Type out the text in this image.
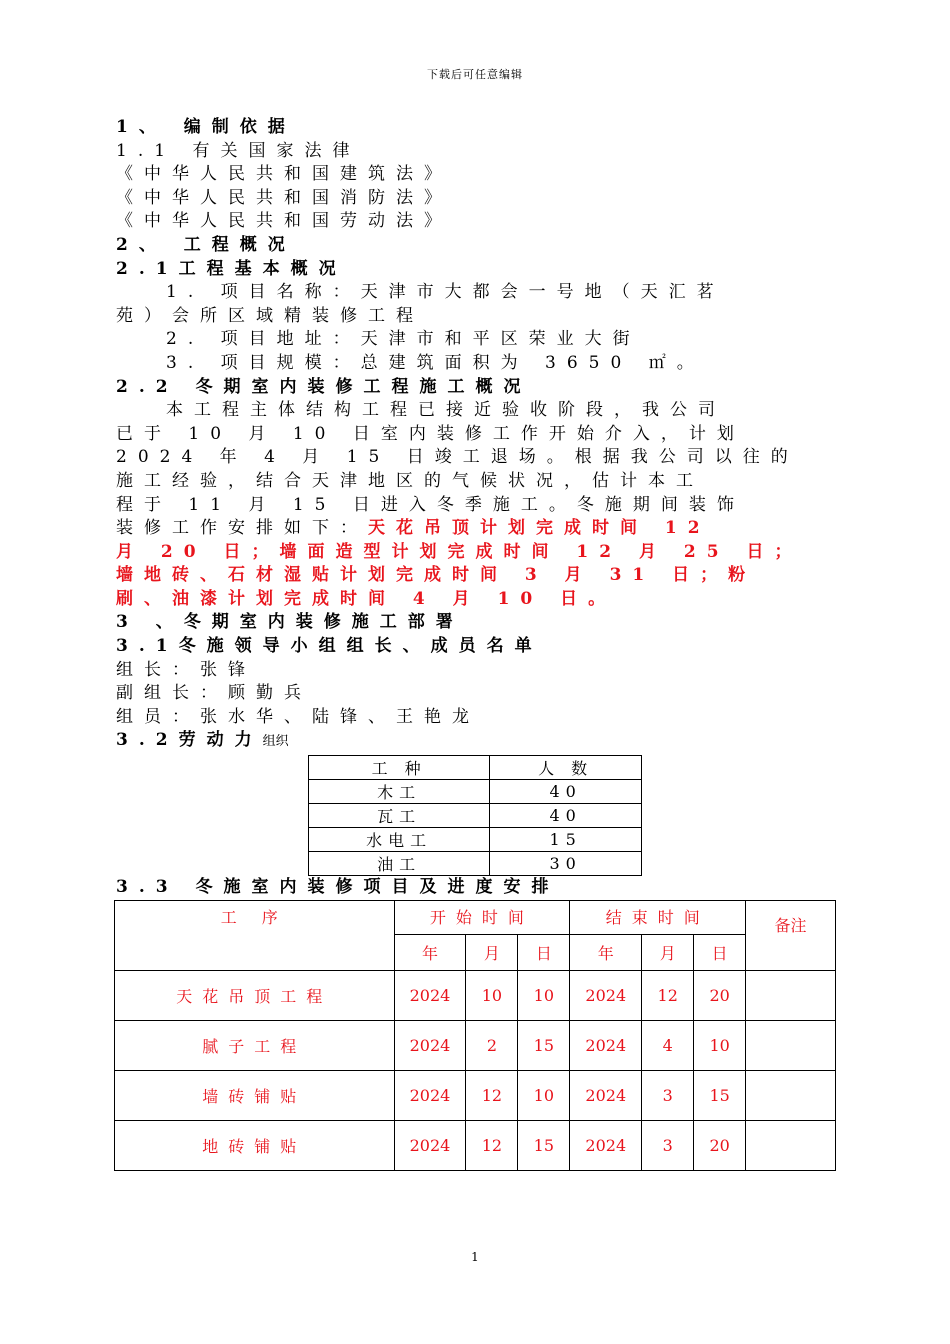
下载后可任意编辑
1、 编制依据
1.1 有关国家法律
《中华人民共和国建筑法》
《中华人民共和国消防法》
《中华人民共和国劳动法》
2、 工程概况
2.1工程基本概况
1. 项目名称：天津市大都会一号地（天汇茗
苑）会所区域精装修工程
2. 项目地址：天津市和平区荣业大街
3. 项目规模：总建筑面积为 3650 ㎡。
2.2 冬期室内装修工程施工概况
本工程主体结构工程已接近验收阶段，我公司
已于 10 月 10 日室内装修工作开始介入，计划
2024 年 4 月 15 日竣工退场。根据我公司以往的
施工经验，结合天津地区的气候状况，估计本工
程于 11 月 15 日进入冬季施工。冬施期间装饰
装修工作安排如下：天花吊顶计划完成时间 12
月 20 日；墙面造型计划完成时间 12 月 25 日；
墙地砖、石材湿贴计划完成时间 3 月 31 日；粉
刷、油漆计划完成时间 4 月 10 日。
3 、冬期室内装修施工部署
3.1冬施领导小组组长、成员名单
组长：张锋
副组长：顾勤兵
组员：张水华、陆锋、王艳龙
3.2劳动力组织
工 种	人 数
木工	40
瓦工	40
水电工	15
油工	30
3.3 冬施室内装修项目及进度安排
工 序	开始时间			结束时间			备注
	年	月	日	年	月	日	
天花吊顶工程	2024	10	10	2024	12	20	
腻子工程	2024	2	15	2024	4	10	
墙砖铺贴	2024	12	10	2024	3	15	
地砖铺贴	2024	12	15	2024	3	20	
1
